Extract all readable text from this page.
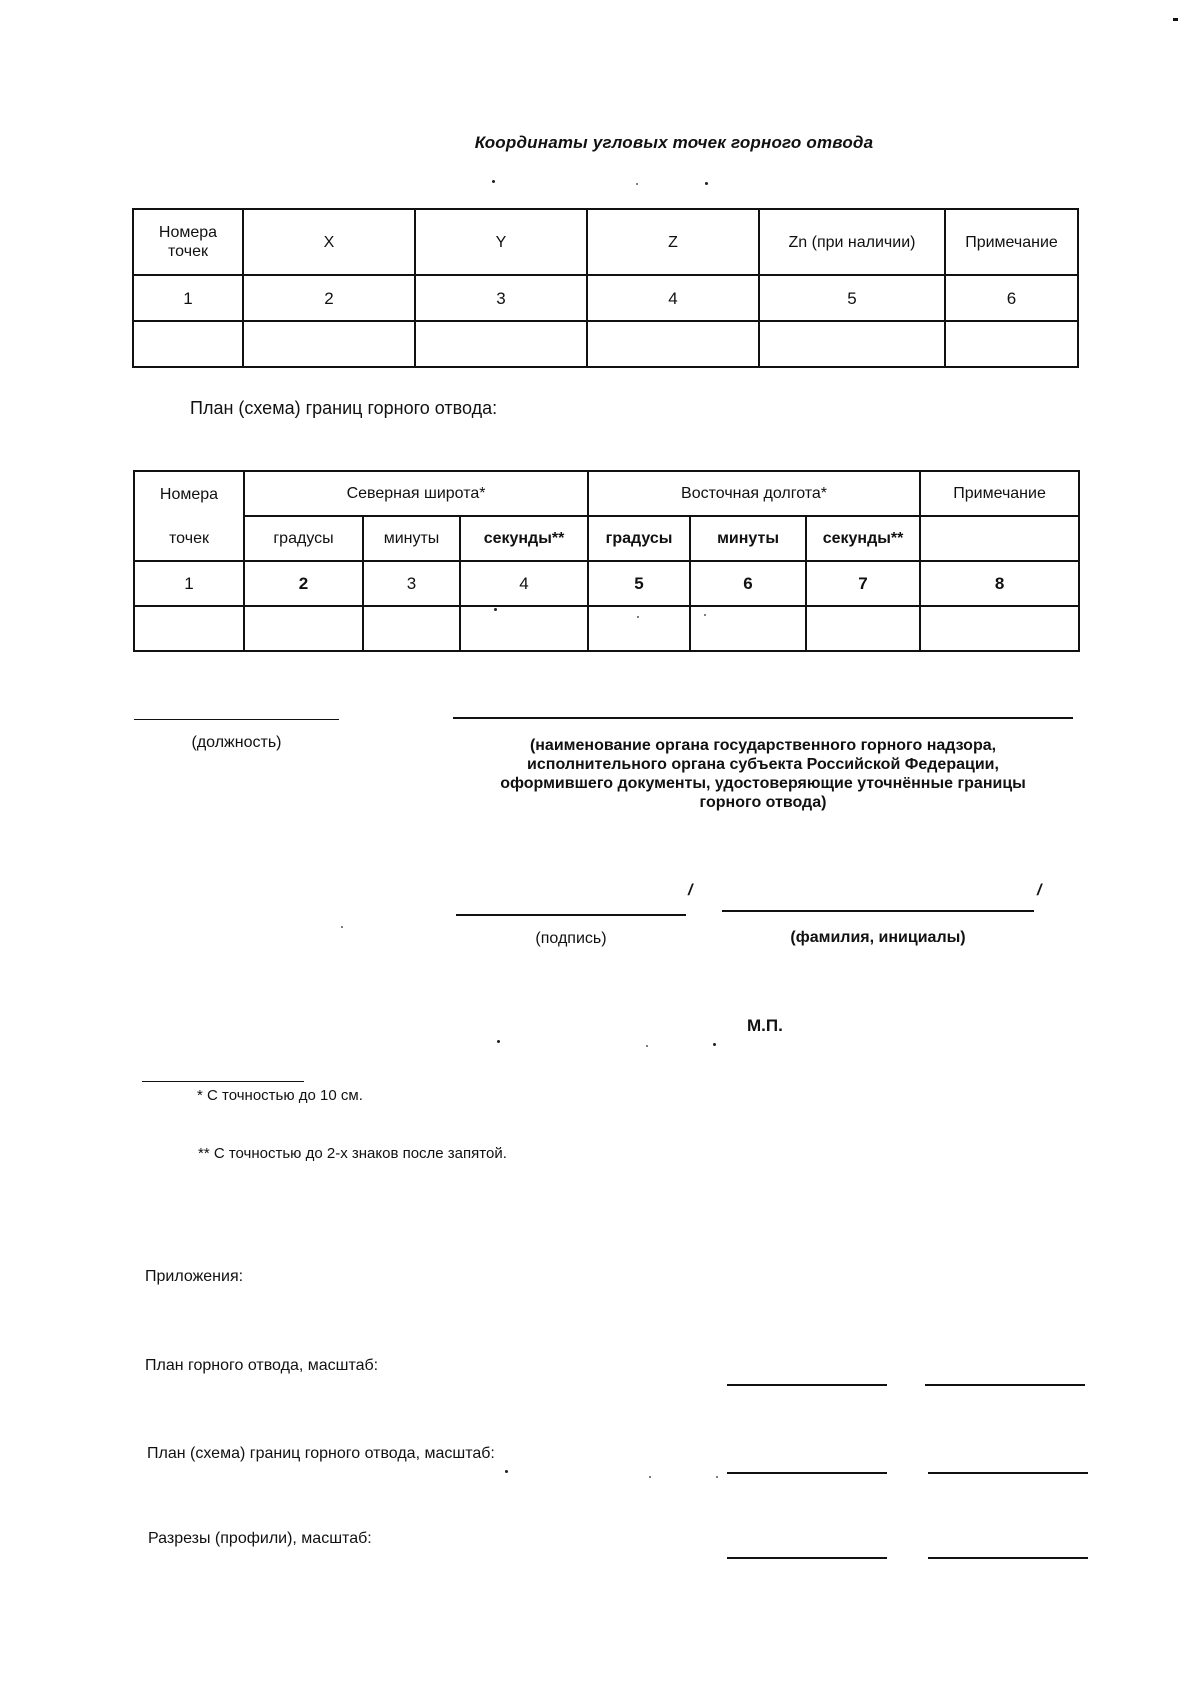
Координаты угловых точек горного отвода
Номера точек	X	Y	Z	Zn (при наличии)	Примечание
1	2	3	4	5	6

План (схема) границ горного отвода:
Номера	Северная широта*			Восточная долгота*			Примечание
точек	градусы	минуты	секунды**	градусы	минуты	секунды**	
1	2	3	4	5	6	7	8

(должность)	(наименование органа государственного горного надзора,
исполнительного органа субъекта Российской Федерации,
оформившего документы, удостоверяющие уточнённые границы
горного отвода)
/	/
(подпись)	(фамилия, инициалы)
М.П.
* С точностью до 10 см.
** С точностью до 2-х знаков после запятой.
Приложения:
План горного отвода, масштаб:
План (схема) границ горного отвода, масштаб:
Разрезы (профили), масштаб:
